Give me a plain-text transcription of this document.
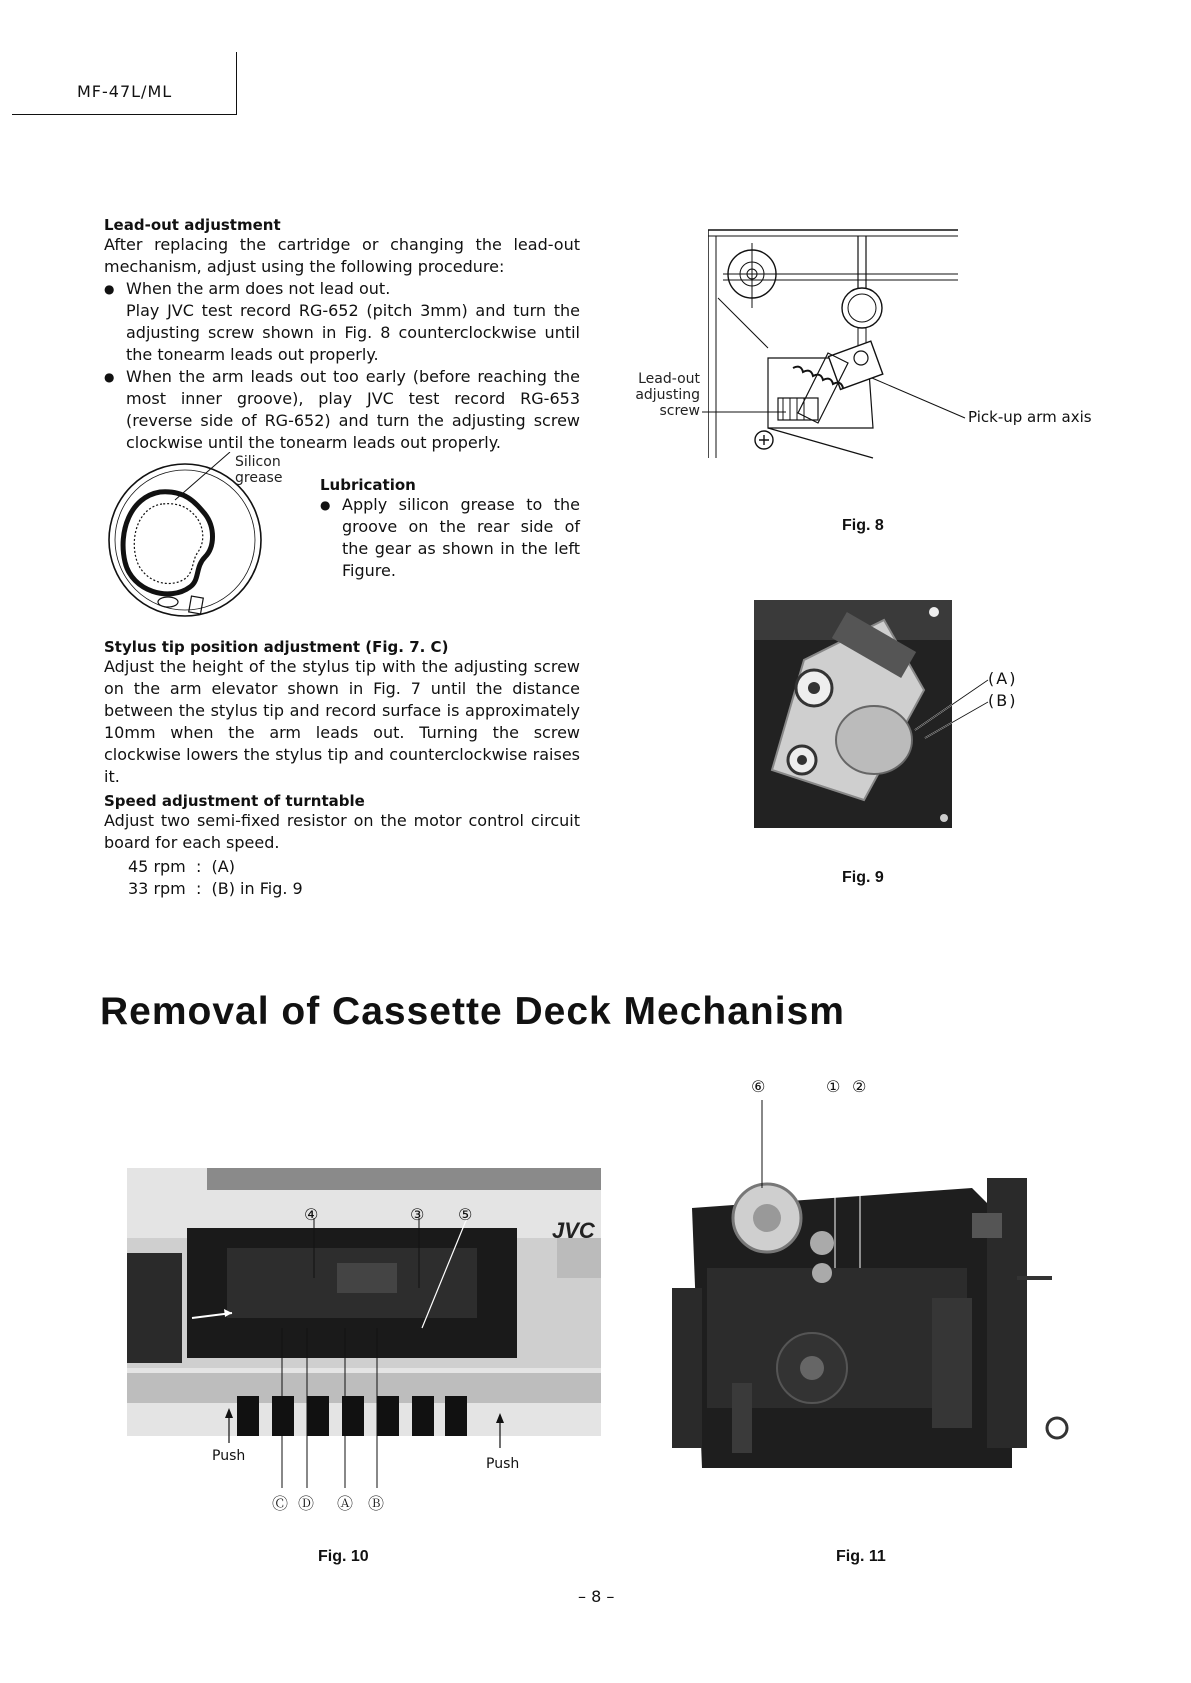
MF-47L/ML
Lead-out adjustment
After replacing the cartridge or changing the lead-out mechanism, adjust using the following procedure:
● When the arm does not lead out.
Play JVC test record RG-652 (pitch 3mm) and turn the adjusting screw shown in Fig. 8 counterclockwise until the tonearm leads out properly.
● When the arm leads out too early (before reaching the most inner groove), play JVC test record RG-653 (reverse side of RG-652) and turn the adjusting screw clockwise until the tonearm leads out properly.
Silicon
grease	Lubrication
● Apply silicon grease to the groove on the rear side of the gear as shown in the left Figure.
Stylus tip position adjustment (Fig. 7. C)
Adjust the height of the stylus tip with the adjusting screw on the arm elevator shown in Fig. 7 until the distance between the stylus tip and record surface is approximately 10mm when the arm leads out. Turning the screw clockwise lowers the stylus tip and counterclockwise raises it.
Speed adjustment of turntable
Adjust two semi-fixed resistor on the motor control circuit board for each speed.
45 rpm  :  (A)
33 rpm  :  (B) in Fig. 9
Lead-out
adjusting
screw	Pick-up arm axis
Fig. 8
(A)
(B)
Fig. 9
Removal of Cassette Deck Mechanism
JVC
④	③ ⑤
Push	Push
Ⓒ Ⓓ Ⓐ Ⓑ
Fig. 10
⑥	① ②
Fig. 11
– 8 –
